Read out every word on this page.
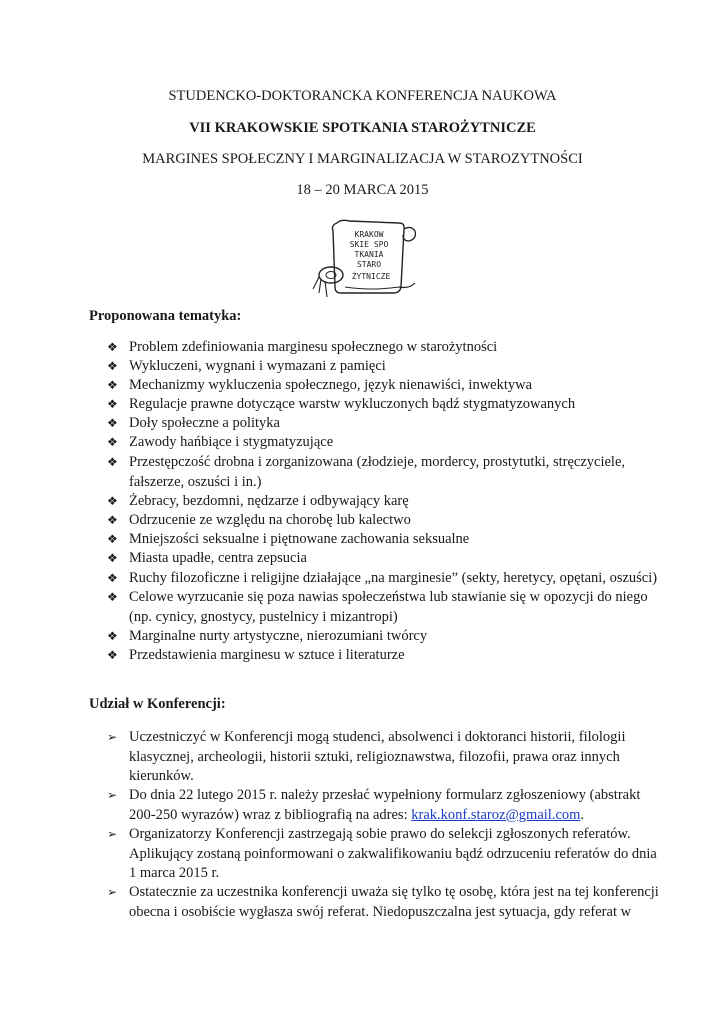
STUDENCKO-DOKTORANCKA KONFERENCJA NAUKOWA
VII KRAKOWSKIE SPOTKANIA STAROŻYTNICZE
MARGINES SPOŁECZNY I MARGINALIZACJA W STAROZYTNOŚCI
18 – 20 MARCA 2015
KRAKOW
SKIE SPO
TKANIA
STARO
ŻYTNICZE
Proponowana tematyka:
❖ Problem zdefiniowania marginesu społecznego w starożytności
❖ Wykluczeni, wygnani i wymazani z pamięci
❖ Mechanizmy wykluczenia społecznego, język nienawiści, inwektywa
❖ Regulacje prawne dotyczące warstw wykluczonych bądź stygmatyzowanych
❖ Doły społeczne a polityka
❖ Zawody hańbiące i stygmatyzujące
❖ Przestępczość drobna i zorganizowana (złodzieje, mordercy, prostytutki, stręczyciele, fałszerze, oszuści i in.)
❖ Żebracy, bezdomni, nędzarze i odbywający karę
❖ Odrzucenie ze względu na chorobę lub kalectwo
❖ Mniejszości seksualne i piętnowane zachowania seksualne
❖ Miasta upadłe, centra zepsucia
❖ Ruchy filozoficzne i religijne działające „na marginesie” (sekty, heretycy, opętani, oszuści)
❖ Celowe wyrzucanie się poza nawias społeczeństwa lub stawianie się w opozycji do niego (np. cynicy, gnostycy, pustelnicy i mizantropi)
❖ Marginalne nurty artystyczne, nierozumiani twórcy
❖ Przedstawienia marginesu w sztuce i literaturze
Udział w Konferencji:
➢ Uczestniczyć w Konferencji mogą studenci, absolwenci i doktoranci historii, filologii klasycznej, archeologii, historii sztuki, religioznawstwa, filozofii, prawa oraz innych kierunków.
➢ Do dnia 22 lutego 2015 r. należy przesłać wypełniony formularz zgłoszeniowy (abstrakt 200-250 wyrazów) wraz z bibliografią na adres: krak.konf.staroz@gmail.com.
➢ Organizatorzy Konferencji zastrzegają sobie prawo do selekcji zgłoszonych referatów. Aplikujący zostaną poinformowani o zakwalifikowaniu bądź odrzuceniu referatów do dnia 1 marca 2015 r.
➢ Ostatecznie za uczestnika konferencji uważa się tylko tę osobę, która jest na tej konferencji obecna i osobiście wygłasza swój referat. Niedopuszczalna jest sytuacja, gdy referat w
